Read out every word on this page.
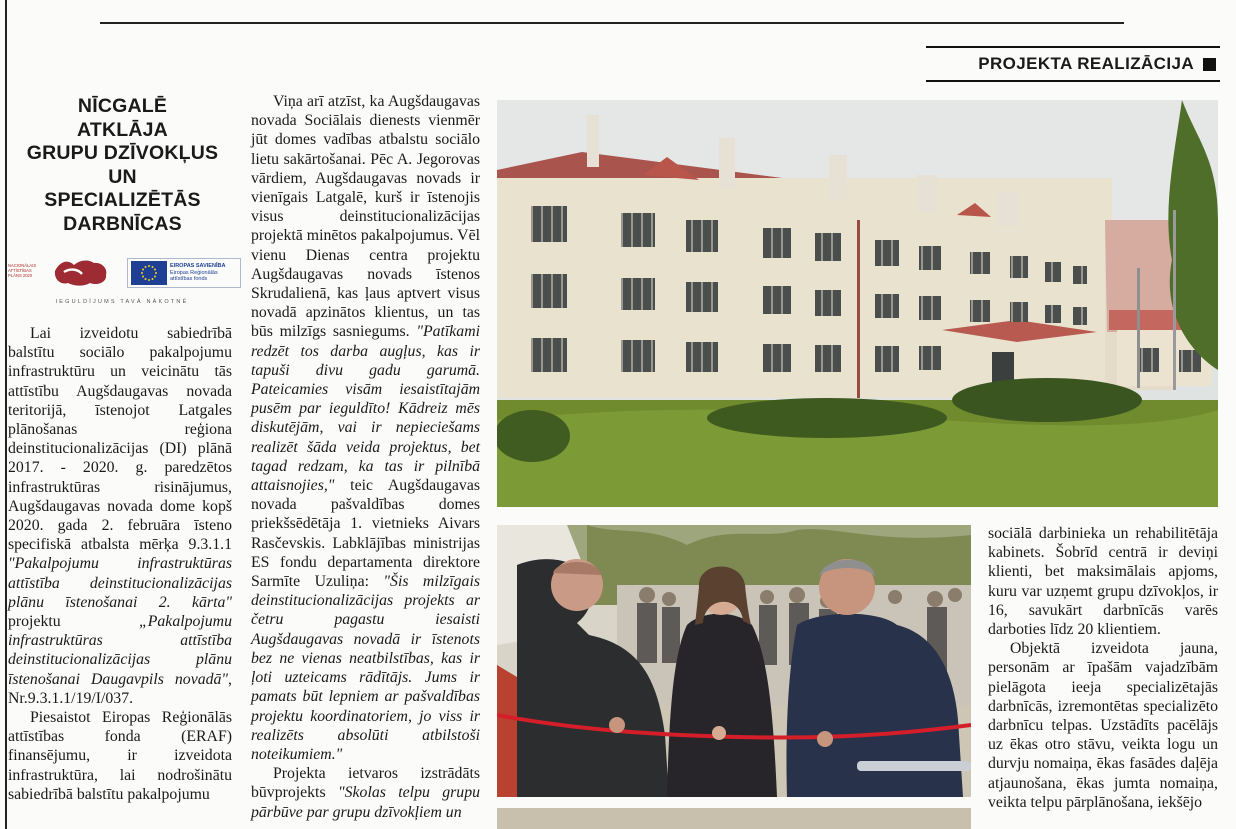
PROJEKTA REALIZĀCIJA
NĪCGALĒ
ATKLĀJA
GRUPU DZĪVOKĻUS
UN
SPECIALIZĒTĀS
DARBNĪCAS
NACIONĀLAIS
ATTĪSTĪBAS
PLĀNS 2020
EIROPAS SAVIENĪBA
Eiropas Reģionālās
attīstības fonds
IEGULDĪJUMS TAVĀ NĀKOTNĒ

Lai izveidotu sabiedrībā balstītu sociālo pakalpojumu infrastruktūru un veicinātu tās attīstību Augšdaugavas novada teritorijā, īstenojot Latgales plānošanas reģiona deinstitucionalizācijas (DI) plānā 2017. - 2020. g. paredzētos infrastruktūras risinājumus, Augšdaugavas novada dome kopš 2020. gada 2. februāra īsteno specifiskā atbalsta mērķa 9.3.1.1 "Pakalpojumu infrastruktūras attīstība deinstitucionalizācijas plānu īstenošanai 2. kārta" projektu „Pakalpojumu infrastruktūras attīstība deinstitucionalizācijas plānu īstenošanai Daugavpils novadā", Nr.9.3.1.1/19/I/037.

Piesaistot Eiropas Reģionālās attīstības fonda (ERAF) finansējumu, ir izveidota infrastruktūra, lai nodrošinātu sabiedrībā balstītu pakalpojumu

Viņa arī atzīst, ka Augšdaugavas novada Sociālais dienests vienmēr jūt domes vadības atbalstu sociālo lietu sakārtošanai. Pēc A. Jegorovas vārdiem, Augšdaugavas novads ir vienīgais Latgalē, kurš ir īstenojis visus deinstitucionalizācijas projektā minētos pakalpojumus. Vēl vienu Dienas centra projektu Augšdaugavas novads īstenos Skrudalienā, kas ļaus aptvert visus novadā apzinātos klientus, un tas būs milzīgs sasniegums. "Patīkami redzēt tos darba augļus, kas ir tapuši divu gadu garumā. Pateicamies visām iesaistītajām pusēm par ieguldīto! Kādreiz mēs diskutējām, vai ir nepieciešams realizēt šāda veida projektus, bet tagad redzam, ka tas ir pilnībā attaisnojies," teic Augšdaugavas novada pašvaldības domes priekšsēdētāja 1. vietnieks Aivars Rasčevskis. Labklājības ministrijas ES fondu departamenta direktore Sarmīte Uzuliņa: "Šis milzīgais deinstitucionalizācijas projekts ar četru pagastu iesaisti Augšdaugavas novadā ir īstenots bez ne vienas neatbilstības, kas ir ļoti uzteicams rādītājs. Jums ir pamats būt lepniem ar pašvaldības projektu koordinatoriem, jo viss ir realizēts absolūti atbilstoši noteikumiem."

Projekta ietvaros izstrādāts būvprojekts "Skolas telpu grupu pārbūve par grupu dzīvokļiem un

sociālā darbinieka un rehabilitētāja kabinets. Šobrīd centrā ir deviņi klienti, bet maksimālais apjoms, kuru var uzņemt grupu dzīvokļos, ir 16, savukārt darbnīcās varēs darboties līdz 20 klientiem.

Objektā izveidota jauna, personām ar īpašām vajadzībām pielāgota ieeja specializētajās darbnīcās, izremontētas specializēto darbnīcu telpas. Uzstādīts pacēlājs uz ēkas otro stāvu, veikta logu un durvju nomaiņa, ēkas fasādes daļēja atjaunošana, ēkas jumta nomaiņa, veikta telpu pārplānošana, iekšējo
